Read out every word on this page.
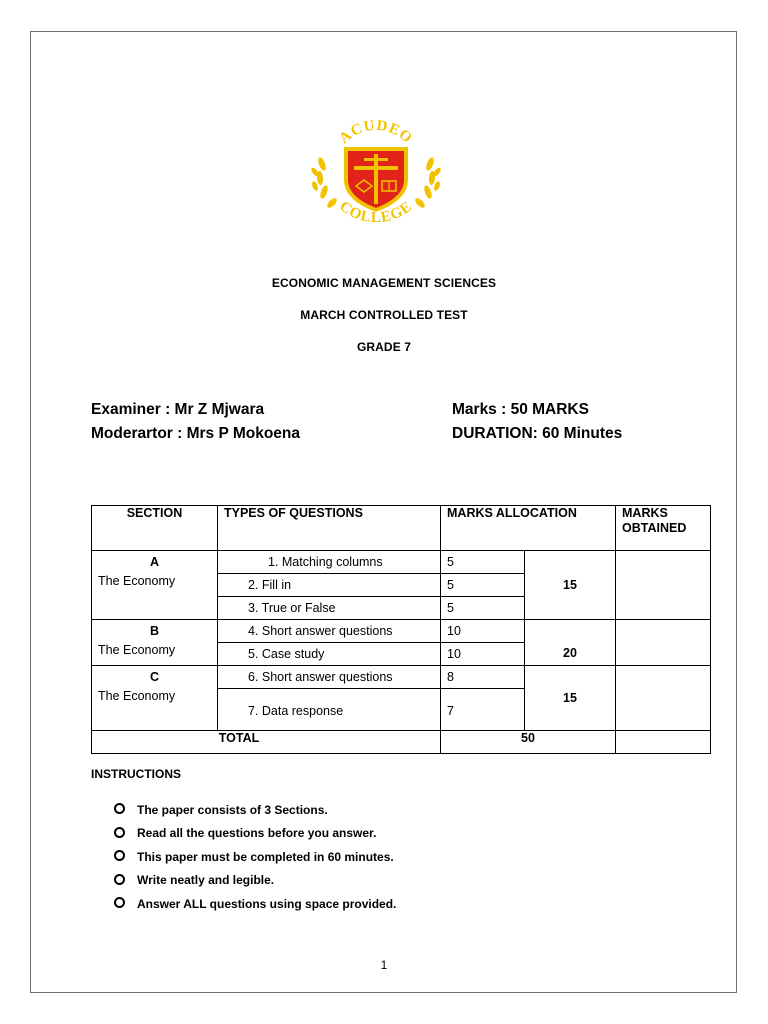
ACUDEO
COLLEGE
ECONOMIC MANAGEMENT SCIENCES
MARCH CONTROLLED TEST
GRADE 7
Examiner : Mr Z Mjwara
Moderartor : Mrs P Mokoena
Marks : 50 MARKS
DURATION: 60 Minutes
SECTION	TYPES OF QUESTIONS	MARKS ALLOCATION		MARKS OBTAINED

A
The Economy	1. Matching columns	5	15	
	2. Fill in	5		
	3. True or False	5		

B
The Economy	4. Short answer questions	10	20	
	5. Case study	10		

C
The Economy	6. Short answer questions	8	15	
	7. Data response	7		
TOTAL		50		
INSTRUCTIONS
The paper consists of 3 Sections.
Read all the questions before you answer.
This paper must be completed in 60 minutes.
Write neatly and legible.
Answer ALL questions using space provided.
1
